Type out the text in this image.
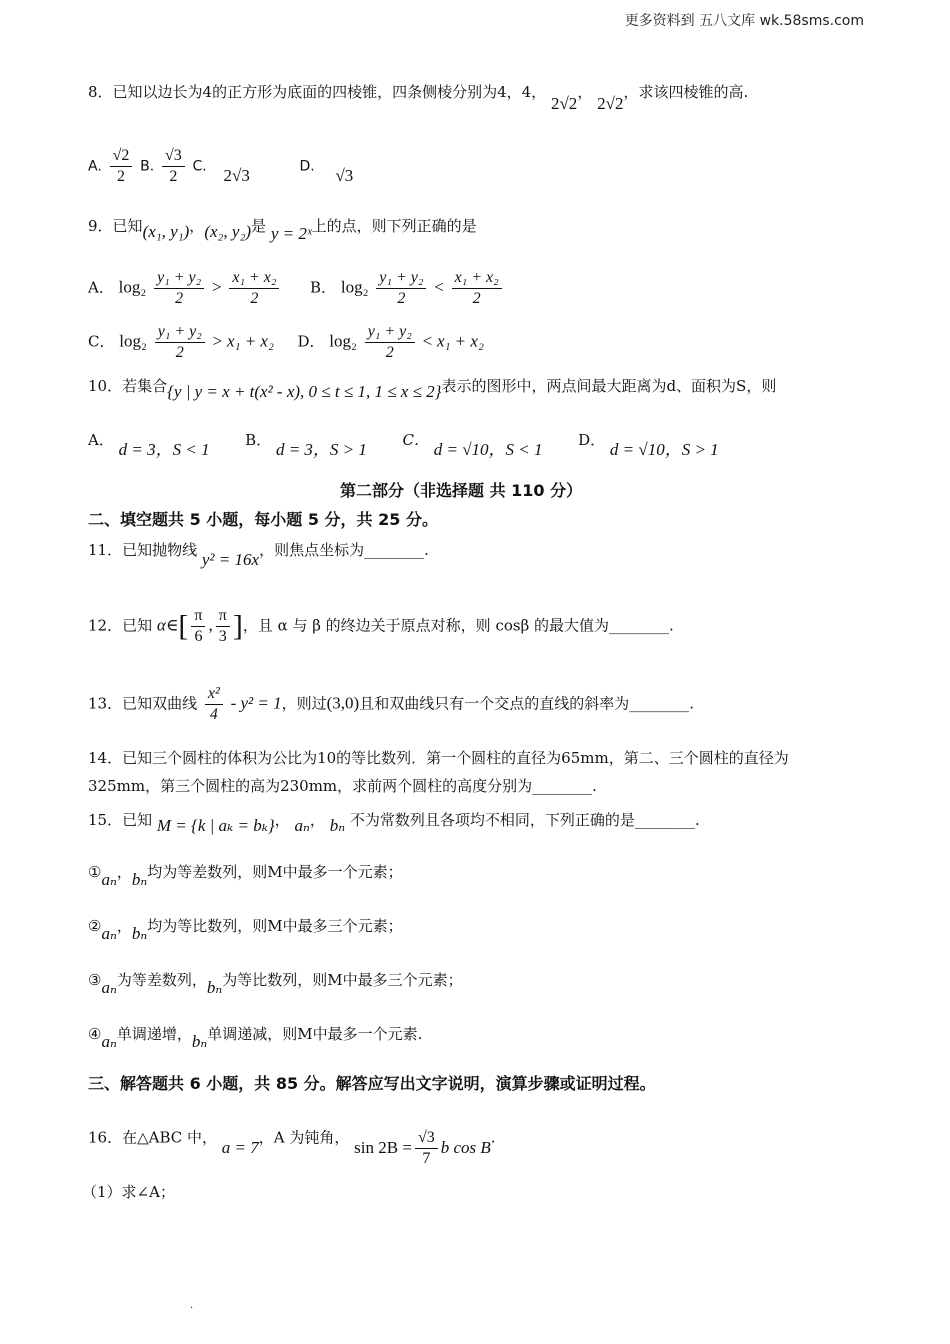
更多资料到 五八文库 wk.58sms.com
8．已知以边长为4的正方形为底面的四棱锥，四条侧棱分别为4，4， 2√2， 2√2，求该四棱锥的高.
A. $\frac{√2}{2} B$. $\frac{√3}{2} C$. 2√3	D. √3
9．已知(x₁, y₁)，(x₂, y₂)是 y = 2ˣ上的点，则下列正确的是
A． $\log_2 \frac{\text{y₁ + y₂}}{2} > \frac{\text{x₁ + x₂}}{2}$ B． $\log_2 \frac{\text{y₁ + y₂}}{2} < \frac{\text{x₁ + x₂}}{2}$
C． $\log_2 \frac{\text{y₁ + y₂}}{2} > x_1 + x_2$ D． $\log_2 \frac{\text{y₁ + y₂}}{2} < x_1 + x_2$
10．若集合{y | y = x + t(x² - x), 0 ≤ t ≤ 1, 1 ≤ x ≤ 2}表示的图形中，两点间最大距离为d、面积为S，则
A． d = 3，S < 1 B． d = 3，S > 1 C． d = √10，S < 1 D． d = √10，S > 1
第二部分（非选择题 共 110 分）
二、填空题共 5 小题，每小题 5 分，共 25 分。
11．已知抛物线 y² = 16x，则焦点坐标为________.
12．已知 α∈[ $\frac{\pi}{6}$ , $\frac{\pi}{3}$ ]，且 α 与 β 的终边关于原点对称，则 cosβ 的最大值为________.
13．已知双曲线 $\frac{\text{x²}}{4} - y^2 = 1$，则过(3,0)且和双曲线只有一个交点的直线的斜率为________.
14．已知三个圆柱的体积为公比为10的等比数列．第一个圆柱的直径为65mm，第二、三个圆柱的直径为
325mm，第三个圆柱的高为230mm，求前两个圆柱的高度分别为________.
15．已知 M = {k | aₖ = bₖ}， aₙ， bₙ 不为常数列且各项均不相同，下列正确的是________.
①aₙ，bₙ均为等差数列，则M中最多一个元素；
②aₙ，bₙ均为等比数列，则M中最多三个元素；
③aₙ为等差数列，bₙ为等比数列，则M中最多三个元素；
④aₙ单调递增，bₙ单调递减，则M中最多一个元素.
三、解答题共 6 小题，共 85 分。解答应写出文字说明，演算步骤或证明过程。
16．在△ABC 中， a = 7，A 为钝角， $\sin 2B = \frac{√3}{7}$ b cos B.
（1）求∠A；
.
